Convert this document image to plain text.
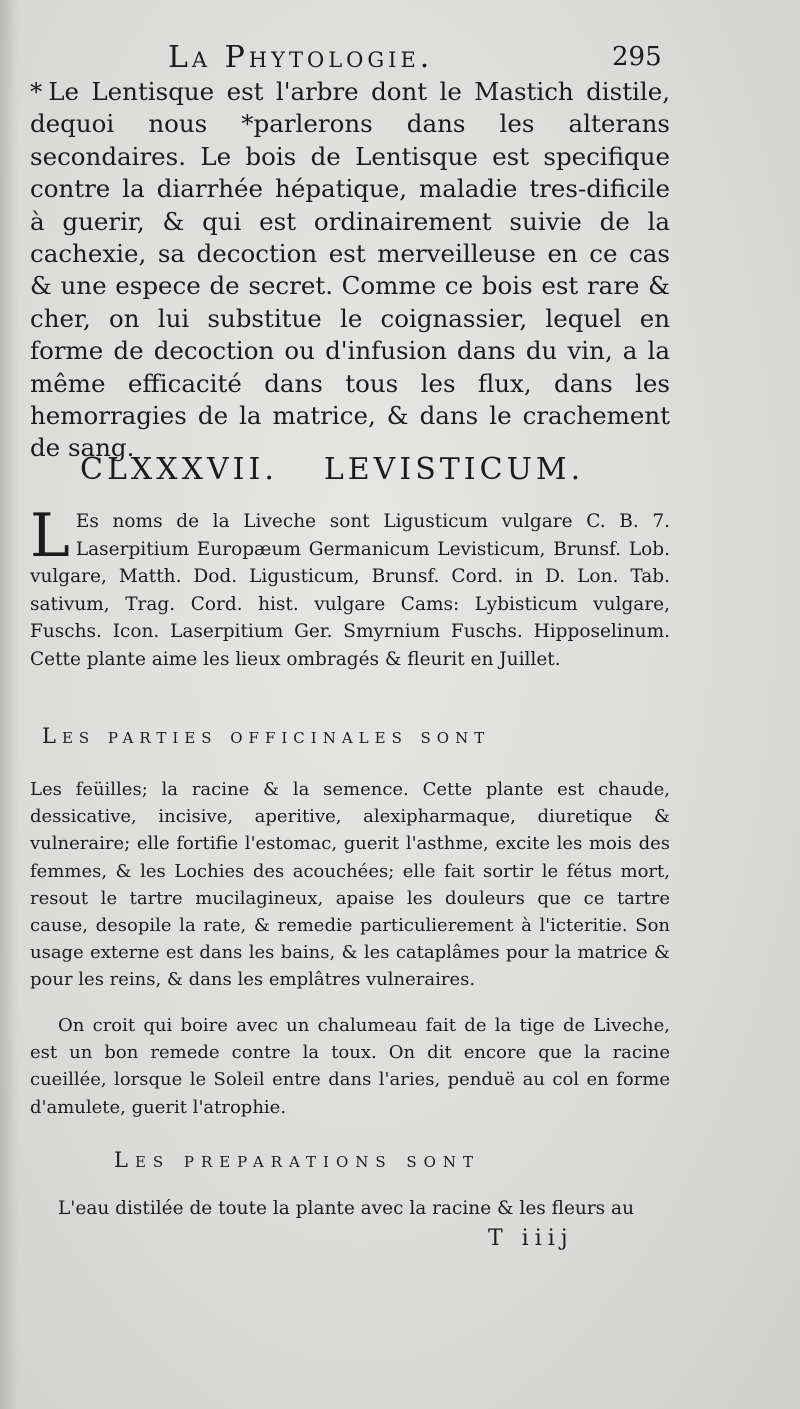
La Phytologie.	295
* Le Lentisque est l'arbre dont le Mastich distile, dequoi nous *parlerons dans les alterans secondaires. Le bois de Lentisque est specifique contre la diarrhée hépatique, maladie tres-dificile à guerir, & qui est ordinairement suivie de la cachexie, sa decoction est merveilleuse en ce cas & une espece de secret. Comme ce bois est rare & cher, on lui substitue le coignassier, lequel en forme de decoction ou d'infusion dans du vin, a la même efficacité dans tous les flux, dans les hemorragies de la matrice, & dans le crachement de sang.
CLXXXVII. LEVISTICUM.
L Es noms de la Liveche sont Ligusticum vulgare C. B. 7. Laserpitium Europæum Germanicum Levisticum, Brunsf. Lob. vulgare, Matth. Dod. Ligusticum, Brunsf. Cord. in D. Lon. Tab. sativum, Trag. Cord. hist. vulgare Cams: Lybisticum vulgare, Fuschs. Icon. Laserpitium Ger. Smyrnium Fuschs. Hipposelinum. Cette plante aime les lieux ombragés & fleurit en Juillet.
Les parties officinales sont
Les feüilles; la racine & la semence. Cette plante est chaude, dessicative, incisive, aperitive, alexipharmaque, diuretique & vulneraire; elle fortifie l'estomac, guerit l'asthme, excite les mois des femmes, & les Lochies des acouchées; elle fait sortir le fétus mort, resout le tartre mucilagineux, apaise les douleurs que ce tartre cause, desopile la rate, & remedie particulierement à l'icteritie. Son usage externe est dans les bains, & les cataplâmes pour la matrice & pour les reins, & dans les emplâtres vulneraires.
On croit qui boire avec un chalumeau fait de la tige de Liveche, est un bon remede contre la toux. On dit encore que la racine cueillée, lorsque le Soleil entre dans l'aries, penduë au col en forme d'amulete, guerit l'atrophie.
Les preparations sont
L'eau distilée de toute la plante avec la racine & les fleurs au
T iiij
